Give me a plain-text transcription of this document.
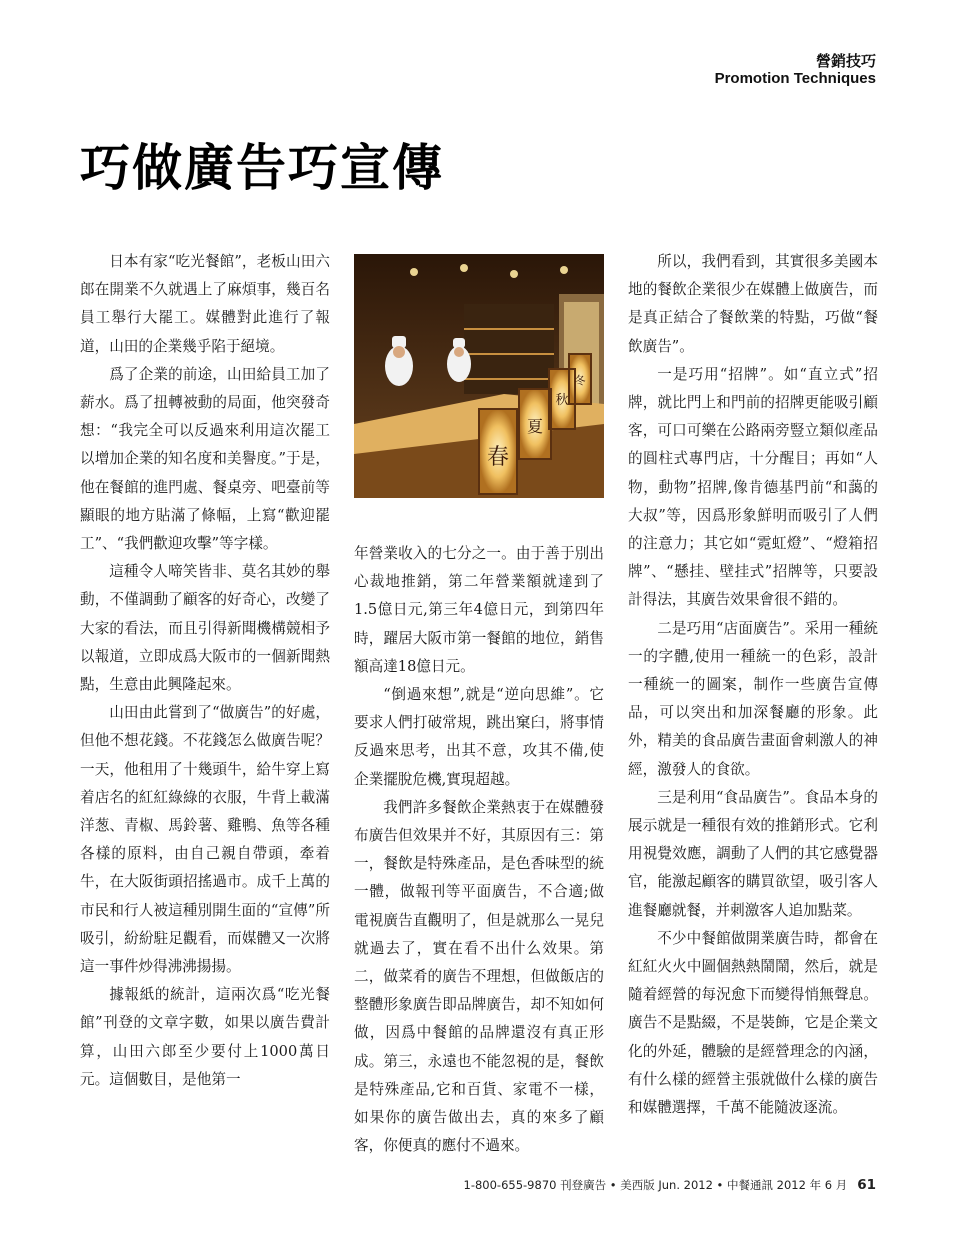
營銷技巧
Promotion Techniques
巧做廣告巧宣傳

日本有家“吃光餐館”，老板山田六郎在開業不久就遇上了麻煩事，幾百名員工舉行大罷工。媒體對此進行了報道，山田的企業幾乎陷于絕境。

爲了企業的前途，山田給員工加了薪水。爲了扭轉被動的局面，他突發奇想：“我完全可以反過來利用這次罷工以增加企業的知名度和美譽度。”于是，他在餐館的進門處、餐桌旁、吧臺前等顯眼的地方貼滿了條幅，上寫“歡迎罷工”、“我們歡迎攻擊”等字樣。

這種令人啼笑皆非、莫名其妙的舉動，不僅調動了顧客的好奇心，改變了大家的看法，而且引得新聞機構競相予以報道，立即成爲大阪市的一個新聞熱點，生意由此興隆起來。

山田由此嘗到了“做廣告”的好處，但他不想花錢。不花錢怎么做廣告呢？一天，他租用了十幾頭牛，給牛穿上寫着店名的紅紅綠綠的衣服，牛背上載滿洋葱、青椒、馬鈴薯、雞鴨、魚等各種各樣的原料，由自己親自帶頭，牽着牛，在大阪街頭招搖過市。成千上萬的市民和行人被這種別開生面的“宣傳”所吸引，紛紛駐足觀看，而媒體又一次將這一事件炒得沸沸揚揚。

據報紙的統計，這兩次爲“吃光餐館”刊登的文章字數，如果以廣告費計算，山田六郎至少要付上1000萬日元。這個數目，是他第一

春
夏
秋
冬

年營業收入的七分之一。由于善于別出心裁地推銷，第二年營業額就達到了1.5億日元,第三年4億日元，到第四年時，躍居大阪市第一餐館的地位，銷售額高達18億日元。

“倒過來想”,就是“逆向思維”。它要求人們打破常規，跳出窠臼，將事情反過來思考，出其不意，攻其不備,使企業擺脫危機,實現超越。

我們許多餐飲企業熱衷于在媒體發布廣告但效果并不好，其原因有三：第一，餐飲是特殊產品，是色香味型的統一體，做報刊等平面廣告，不合適;做電視廣告直觀明了，但是就那么一晃兒就過去了，實在看不出什么效果。第二，做菜肴的廣告不理想，但做飯店的整體形象廣告即品牌廣告，却不知如何做，因爲中餐館的品牌還沒有真正形成。第三，永遠也不能忽視的是，餐飲是特殊產品,它和百貨、家電不一樣，如果你的廣告做出去，真的來多了顧客，你便真的應付不過來。

所以，我們看到，其實很多美國本地的餐飲企業很少在媒體上做廣告，而是真正結合了餐飲業的特點，巧做“餐飲廣告”。

一是巧用“招牌”。如“直立式”招牌，就比門上和門前的招牌更能吸引顧客，可口可樂在公路兩旁豎立類似產品的圓柱式專門店，十分醒目；再如“人物，動物”招牌,像肯德基門前“和藹的大叔”等，因爲形象鮮明而吸引了人們的注意力；其它如“霓虹燈”、“燈箱招牌”、“懸挂、壁挂式”招牌等，只要設計得法，其廣告效果會很不錯的。

二是巧用“店面廣告”。采用一種統一的字體,使用一種統一的色彩，設計一種統一的圖案，制作一些廣告宣傳品，可以突出和加深餐廳的形象。此外，精美的食品廣告畫面會刺激人的神經，激發人的食欲。

三是利用“食品廣告”。食品本身的展示就是一種很有效的推銷形式。它利用視覺效應，調動了人們的其它感覺器官，能激起顧客的購買欲望，吸引客人進餐廳就餐，并刺激客人追加點菜。

不少中餐館做開業廣告時，都會在紅紅火火中圖個熱熱鬧鬧，然后，就是隨着經營的每況愈下而變得悄無聲息。廣告不是點綴，不是裝飾，它是企業文化的外延，體驗的是經營理念的內涵，有什么樣的經營主張就做什么樣的廣告和媒體選擇，千萬不能隨波逐流。

1-800-655-9870 刊登廣告 • 美西版 Jun. 2012 • 中餐通訊 2012 年 6 月 61
